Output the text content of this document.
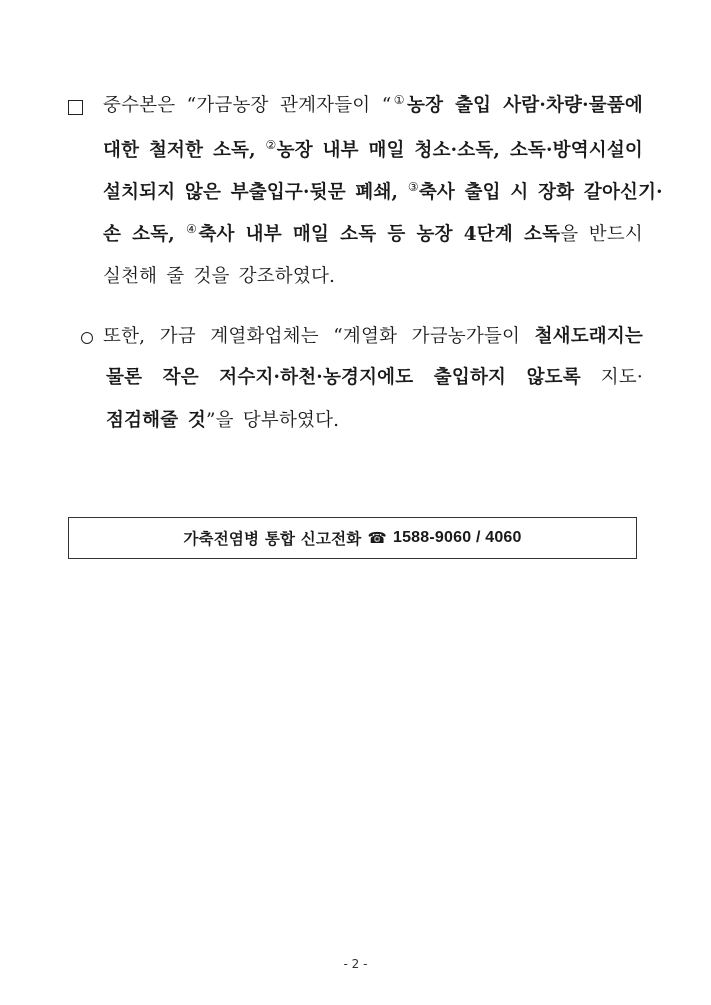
중수본은 “가금농장 관계자들이 “①농장 출입 사람·차량·물품에
대한 철저한 소독, ②농장 내부 매일 청소·소독, 소독·방역시설이
설치되지 않은 부출입구·뒷문 폐쇄, ③축사 출입 시 장화 갈아신기·
손 소독, ④축사 내부 매일 소독 등 농장 4단계 소독을 반드시
실천해 줄 것을 강조하였다.
또한, 가금 계열화업체는 “계열화 가금농가들이 철새도래지는
물론 작은 저수지·하천·농경지에도 출입하지 않도록 지도·
점검해줄 것”을 당부하였다.
가축전염병 통합 신고전화 ☎ 1588-9060 / 4060
- 2 -
